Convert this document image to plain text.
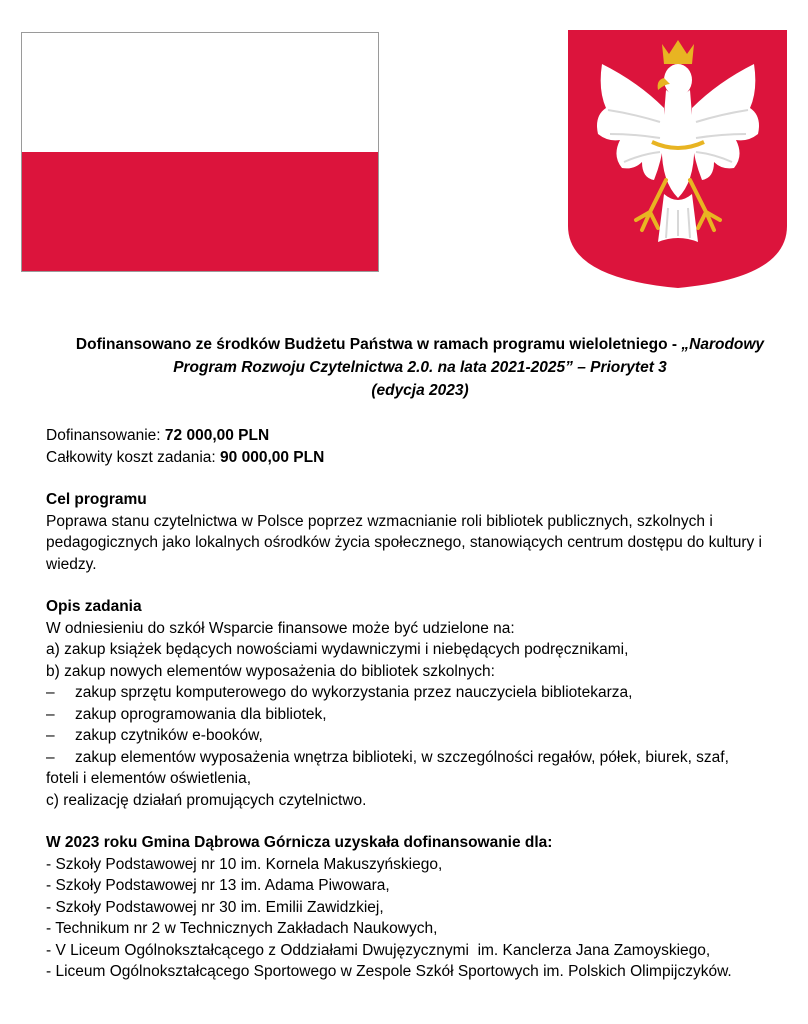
Dofinansowano ze środków Budżetu Państwa w ramach programu wieloletniego - „Narodowy
Program Rozwoju Czytelnictwa 2.0. na lata 2021-2025” – Priorytet 3
(edycja 2023)

Dofinansowanie: 72 000,00 PLN

Całkowity koszt zadania: 90 000,00 PLN

Cel programu

Poprawa stanu czytelnictwa w Polsce poprzez wzmacnianie roli bibliotek publicznych, szkolnych i pedagogicznych jako lokalnych ośrodków życia społecznego, stanowiących centrum dostępu do kultury i wiedzy.

Opis zadania

W odniesieniu do szkół Wsparcie finansowe może być udzielone na:

a) zakup książek będących nowościami wydawniczymi i niebędących podręcznikami,

b) zakup nowych elementów wyposażenia do bibliotek szkolnych:

–	zakup sprzętu komputerowego do wykorzystania przez nauczyciela bibliotekarza,
–	zakup oprogramowania dla bibliotek,
–	zakup czytników e-booków,
–	zakup elementów wyposażenia wnętrza biblioteki, w szczególności regałów, półek, biurek, szaf,

foteli i elementów oświetlenia,

c) realizację działań promujących czytelnictwo.

W 2023 roku Gmina Dąbrowa Górnicza uzyskała dofinansowanie dla:

- Szkoły Podstawowej nr 10 im. Kornela Makuszyńskiego,

- Szkoły Podstawowej nr 13 im. Adama Piwowara,

- Szkoły Podstawowej nr 30 im. Emilii Zawidzkiej,

- Technikum nr 2 w Technicznych Zakładach Naukowych,

- V Liceum Ogólnokształcącego z Oddziałami Dwujęzycznymi  im. Kanclerza Jana Zamoyskiego,

- Liceum Ogólnokształcącego Sportowego w Zespole Szkół Sportowych im. Polskich Olimpijczyków.
